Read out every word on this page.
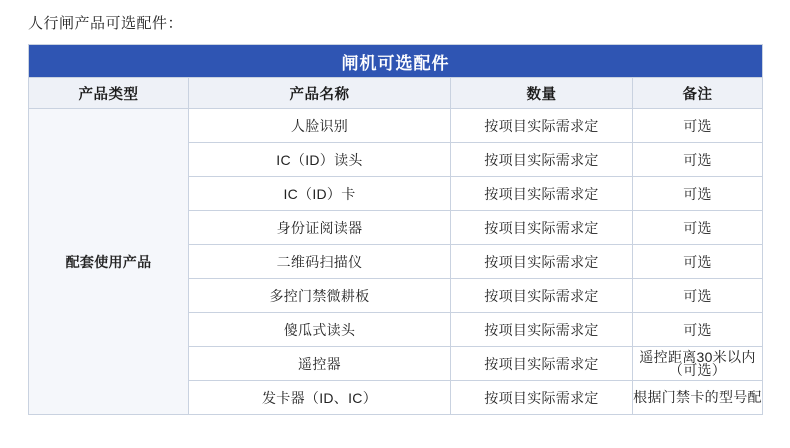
人行闸产品可选配件：
闸机可选配件			
产品类型	产品名称	数量	备注
配套使用产品	人脸识别	按项目实际需求定	可选
	IC（ID）读头	按项目实际需求定	可选
	IC（ID）卡	按项目实际需求定	可选
	身份证阅读器	按项目实际需求定	可选
	二维码扫描仪	按项目实际需求定	可选
	多控门禁微耕板	按项目实际需求定	可选
	傻瓜式读头	按项目实际需求定	可选
	遥控器	按项目实际需求定	遥控距离30米以内（可选）
	发卡器（ID、IC）	按项目实际需求定	根据门禁卡的型号配
